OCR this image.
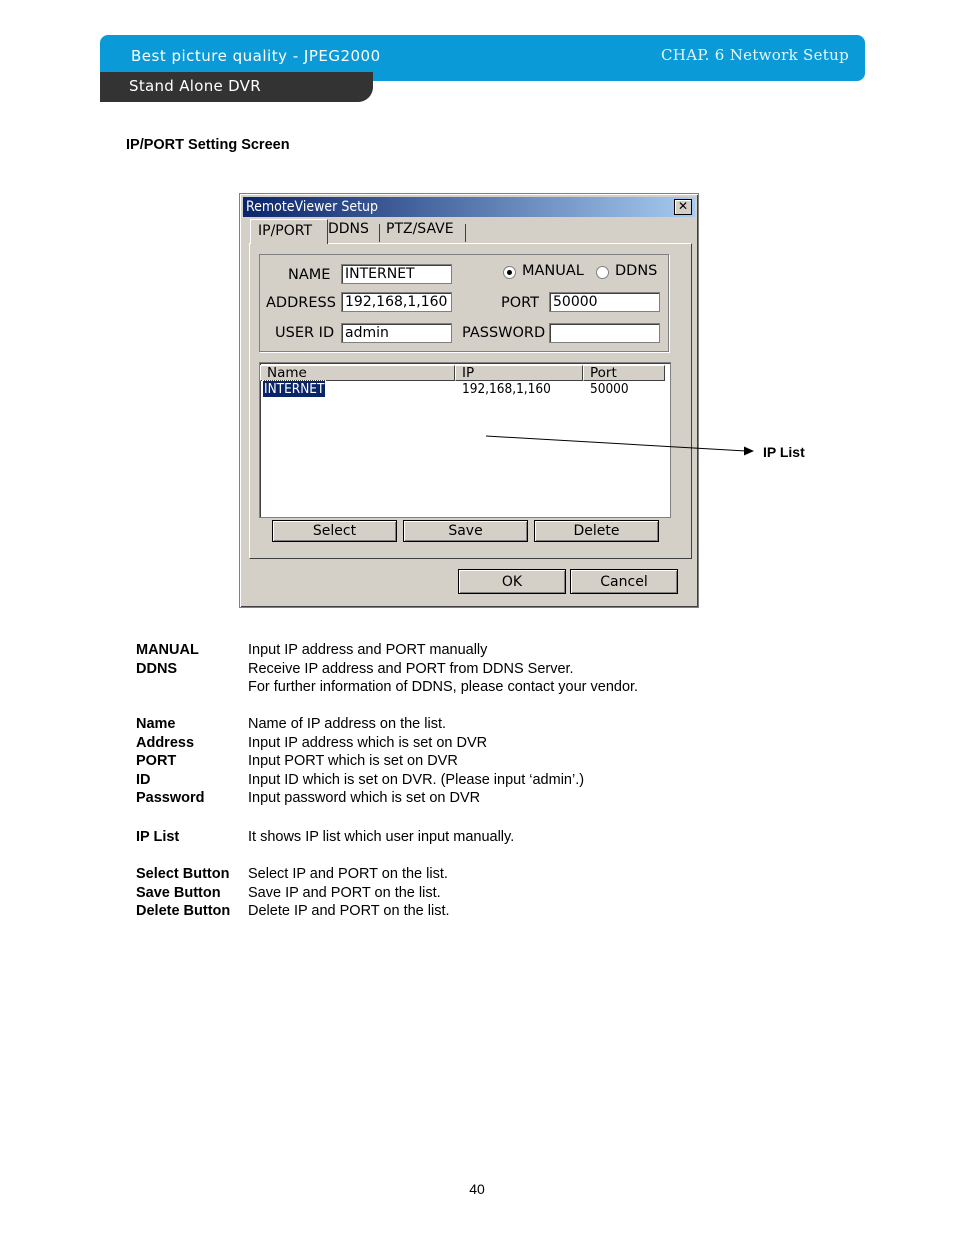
Best picture quality - JPEG2000	CHAP. 6 Network Setup
Stand Alone DVR
IP/PORT Setting Screen
RemoteViewer Setup	✕
IP/PORT DDNS PTZ/SAVE
NAME INTERNET
ADDRESS 192,168,1,160
USER ID admin
MANUAL DDNS
PORT 50000
PASSWORD
Name	IP	Port
INTERNET	192,168,1,160	50000
Select	Save	Delete
OK	Cancel
IP List
MANUAL	Input IP address and PORT manually
DDNS	Receive IP address and PORT from DDNS Server.
For further information of DDNS, please contact your vendor.
Name	Name of IP address on the list.
Address	Input IP address which is set on DVR
PORT	Input PORT which is set on DVR
ID	Input ID which is set on DVR. (Please input ‘admin’.)
Password	Input password which is set on DVR
IP List	It shows IP list which user input manually.
Select Button	Select IP and PORT on the list.
Save Button	Save IP and PORT on the list.
Delete Button	Delete IP and PORT on the list.
40
